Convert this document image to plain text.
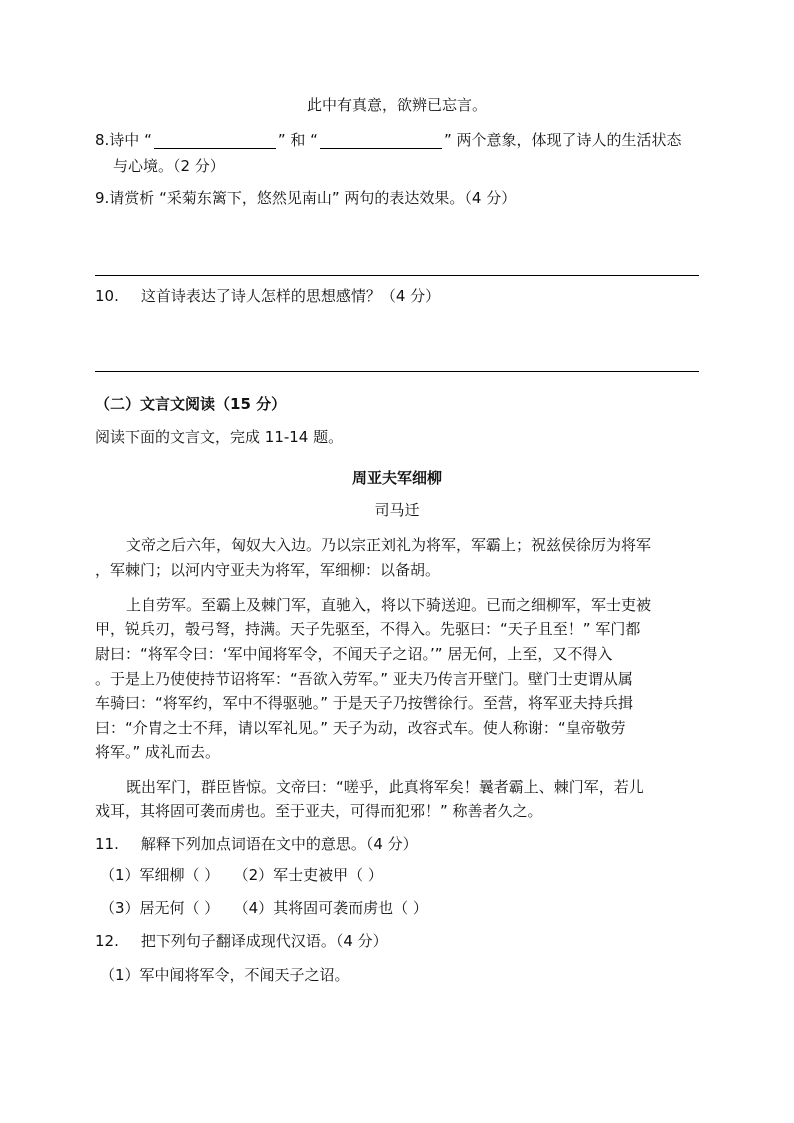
此中有真意，欲辨已忘言。
8.诗中 “	” 和 “	” 两个意象，体现了诗人的生活状态
与心境。（2 分）
9.请赏析 “采菊东篱下，悠然见南山” 两句的表达效果。（4 分）
10. 这首诗表达了诗人怎样的思想感情？（4 分）
（二）文言文阅读（15 分）
阅读下面的文言文，完成 11-14 题。
周亚夫军细柳
司马迁
文帝之后六年，匈奴大入边。乃以宗正刘礼为将军，军霸上；祝兹侯徐厉为将军
，军棘门；以河内守亚夫为将军，军细柳：以备胡。
上自劳军。至霸上及棘门军，直驰入，将以下骑送迎。已而之细柳军，军士吏被
甲，锐兵刃，彀弓弩，持满。天子先驱至，不得入。先驱曰：“天子且至！” 军门都
尉曰：“将军令曰：‘军中闻将军令，不闻天子之诏。’” 居无何，上至，又不得入
。于是上乃使使持节诏将军：“吾欲入劳军。” 亚夫乃传言开壁门。壁门士吏谓从属
车骑曰：“将军约，军中不得驱驰。” 于是天子乃按辔徐行。至营，将军亚夫持兵揖
曰：“介胄之士不拜，请以军礼见。” 天子为动，改容式车。使人称谢：“皇帝敬劳
将军。” 成礼而去。
既出军门，群臣皆惊。文帝曰：“嗟乎，此真将军矣！曩者霸上、棘门军，若儿
戏耳，其将固可袭而虏也。至于亚夫，可得而犯邪！” 称善者久之。
11. 解释下列加点词语在文中的意思。（4 分）
（1）军细柳（ ）   （2）军士吏被甲（ ）
（3）居无何（ ）   （4）其将固可袭而虏也（ ）
12. 把下列句子翻译成现代汉语。（4 分）
（1）军中闻将军令，不闻天子之诏。
